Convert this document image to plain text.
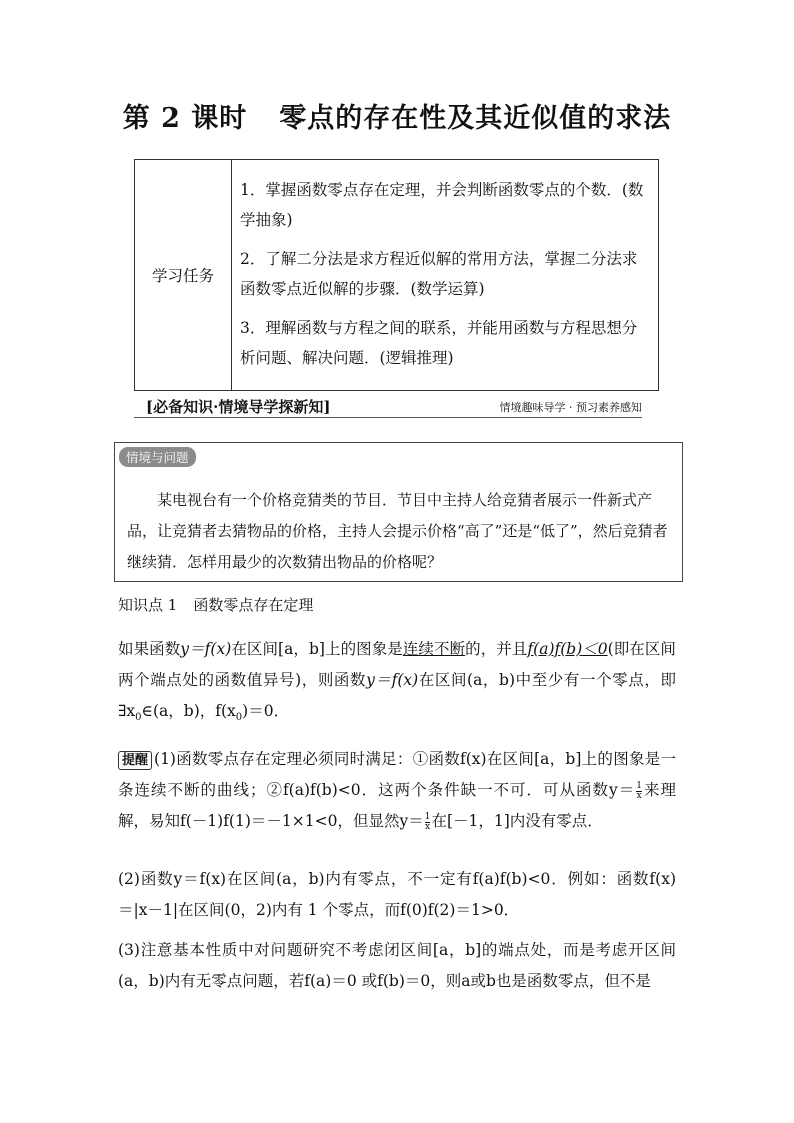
第 2 课时 零点的存在性及其近似值的求法
学习任务	

1．掌握函数零点存在定理，并会判断函数零点的个数．(数学抽象)

2．了解二分法是求方程近似解的常用方法，掌握二分法求函数零点近似解的步骤．(数学运算)

3．理解函数与方程之间的联系，并能用函数与方程思想分析问题、解决问题．(逻辑推理)

[必备知识·情境导学探新知]	情境趣味导学 · 预习素养感知
情境与问题
某电视台有一个价格竞猜类的节目．节目中主持人给竞猜者展示一件新式产品，让竞猜者去猜物品的价格，主持人会提示价格“高了”还是“低了”，然后竞猜者继续猜．怎样用最少的次数猜出物品的价格呢？
知识点 1 函数零点存在定理
如果函数y＝f(x)在区间[a，b]上的图象是连续不断的，并且f(a)f(b)＜0(即在区间两个端点处的函数值异号)，则函数y＝f(x)在区间(a，b)中至少有一个零点，即$\exists x_0\in(a$，b)，$f(x_0)=0$．
提醒 (1)函数零点存在定理必须同时满足：①函数f(x)在区间[a，b]上的图象是一条连续不断的曲线；②f(a)f(b)<0．这两个条件缺一不可．可从函数$y= \frac{1}{x}$ 来理解，易知f(－1)f(1)＝－1×1<0，但显然$y= \frac{1}{x}$ 在[－1，1]内没有零点．
(2)函数y＝f(x)在区间(a，b)内有零点，不一定有f(a)f(b)<0．例如：函数f(x)＝|x－1|在区间(0，2)内有 1 个零点，而f(0)f(2)＝1>0．
(3)注意基本性质中对问题研究不考虑闭区间[a，b]的端点处，而是考虑开区间(a，b)内有无零点问题，若f(a)＝0 或f(b)＝0，则a或b也是函数零点，但不是
